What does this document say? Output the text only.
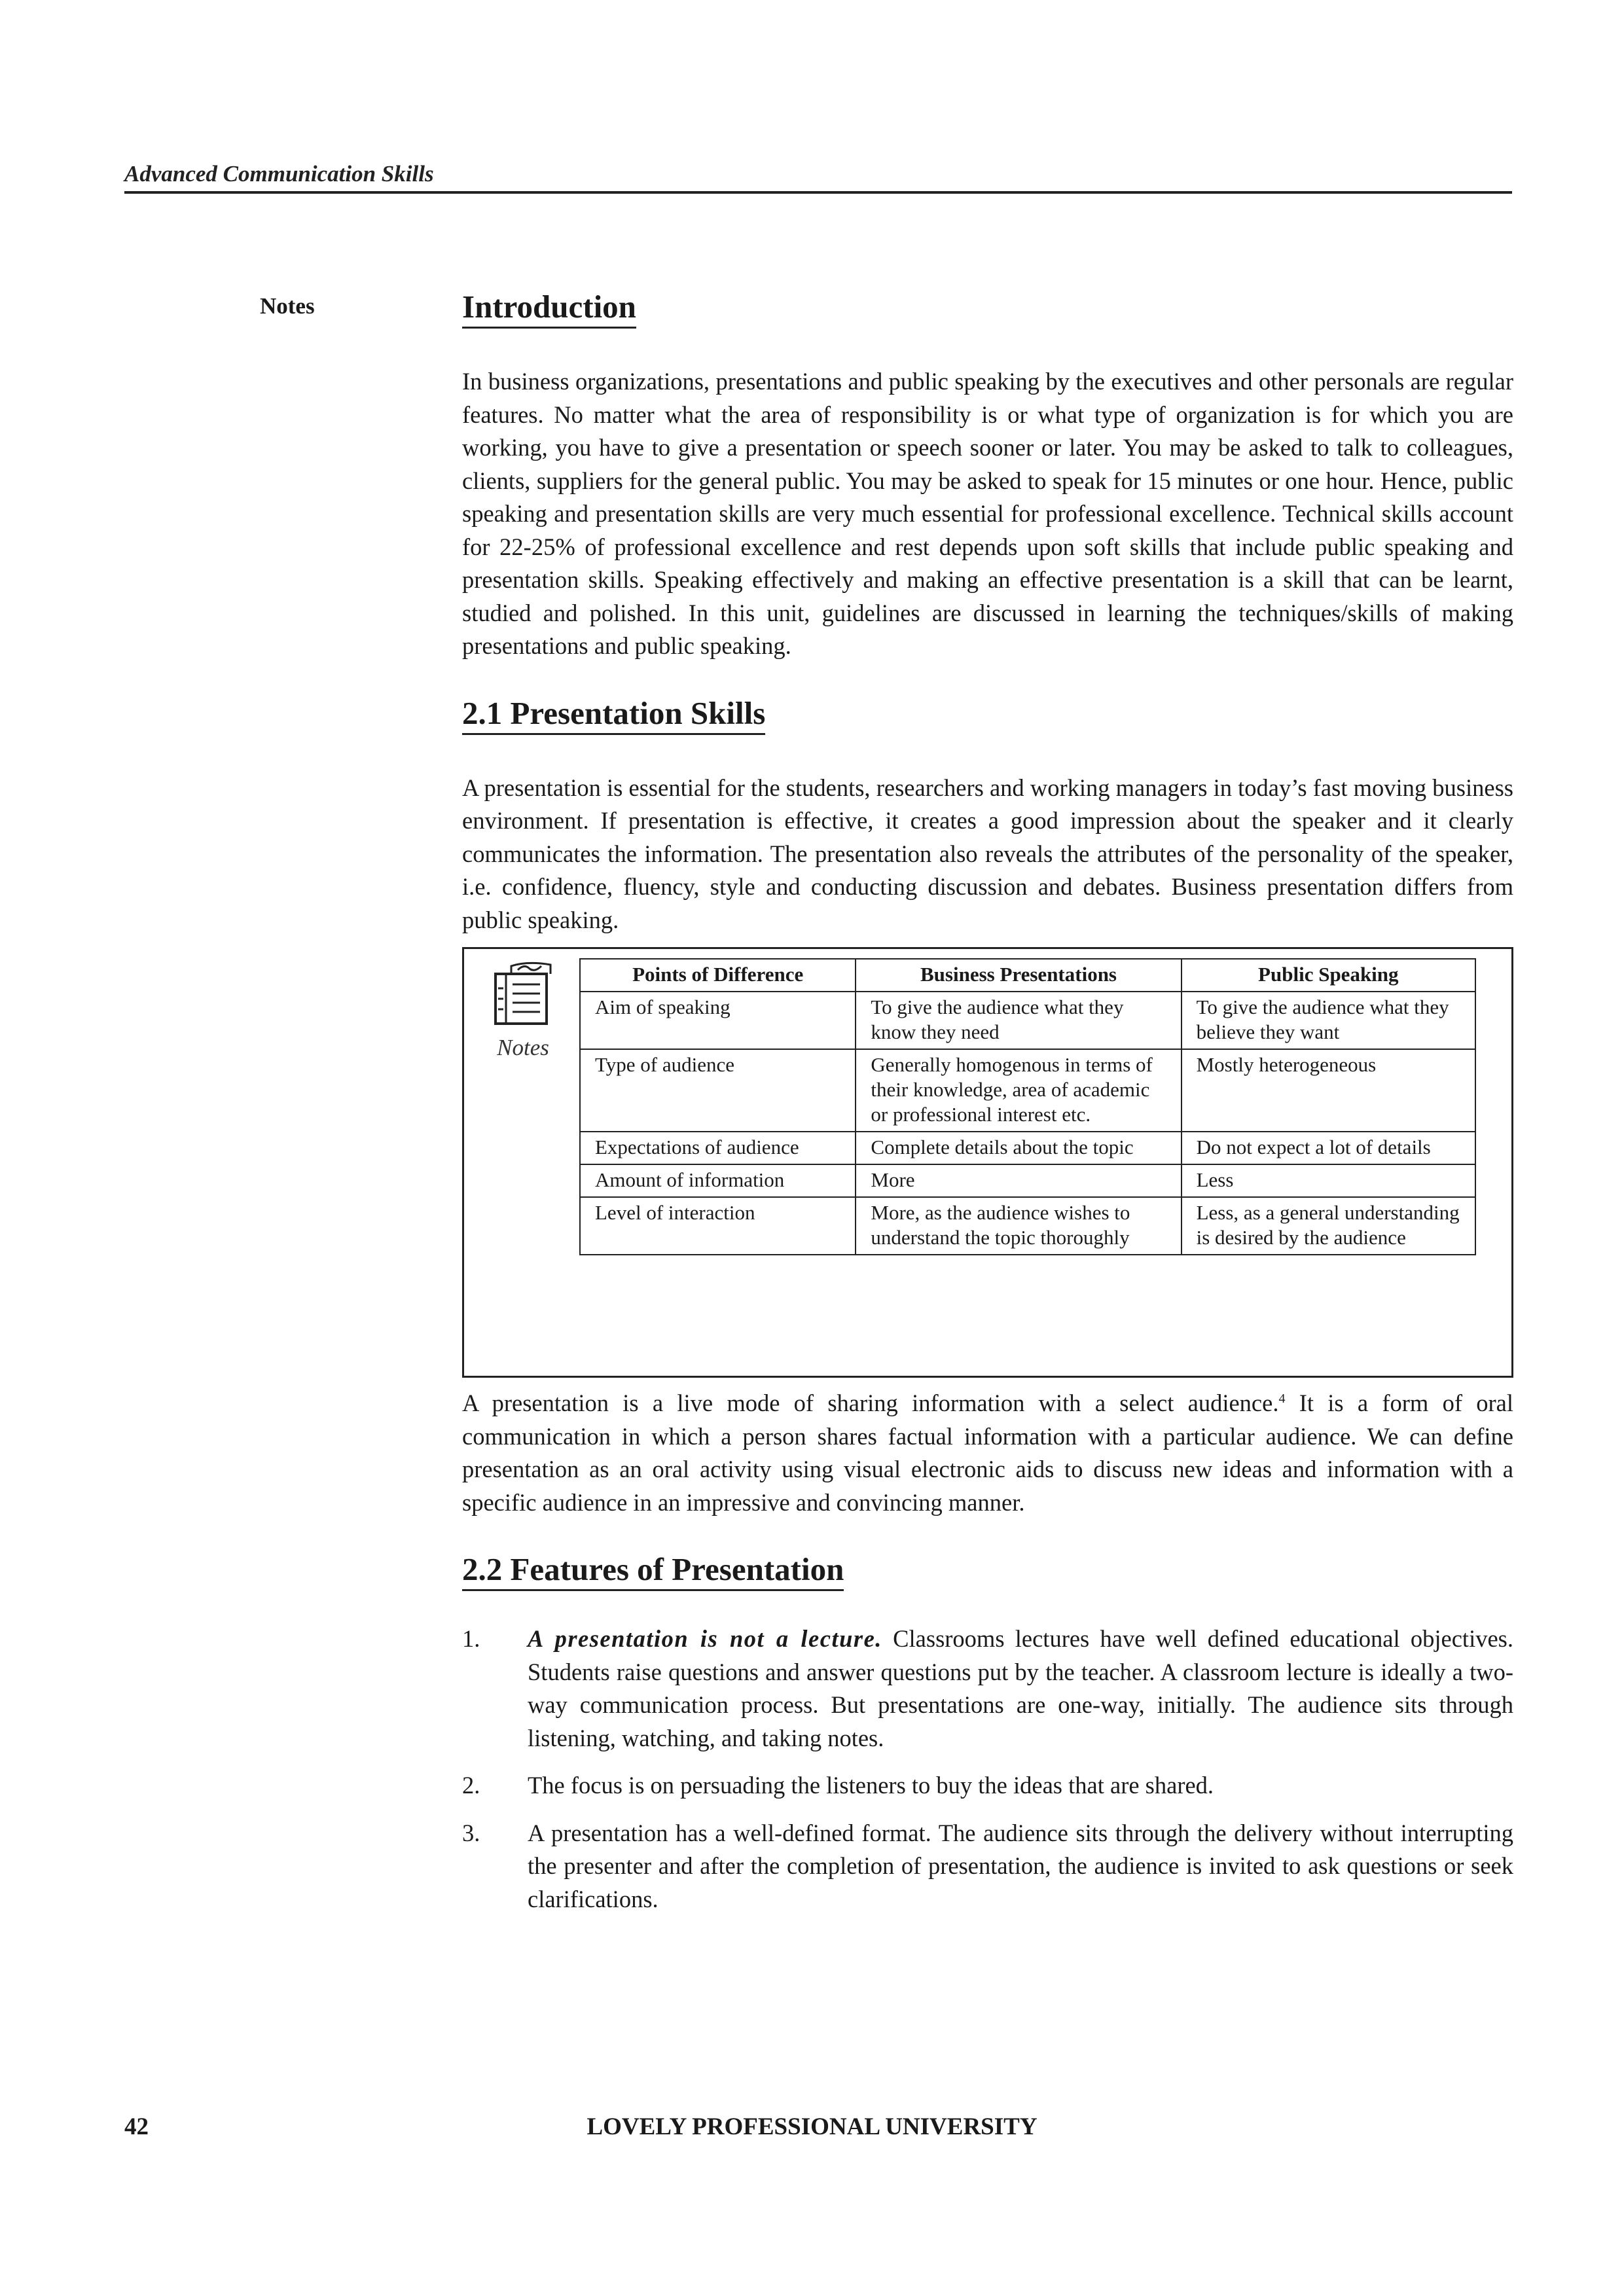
Advanced Communication Skills
Notes	Introduction

In business organizations, presentations and public speaking by the executives and other personals are regular features. No matter what the area of responsibility is or what type of organization is for which you are working, you have to give a presentation or speech sooner or later. You may be asked to talk to colleagues, clients, suppliers for the general public. You may be asked to speak for 15 minutes or one hour. Hence, public speaking and presentation skills are very much essential for professional excellence. Technical skills account for 22-25% of professional excellence and rest depends upon soft skills that include public speaking and presentation skills. Speaking effectively and making an effective presentation is a skill that can be learnt, studied and polished. In this unit, guidelines are discussed in learning the techniques/skills of making presentations and public speaking.

2.1 Presentation Skills

A presentation is essential for the students, researchers and working managers in today’s fast moving business environment. If presentation is effective, it creates a good impression about the speaker and it clearly communicates the information. The presentation also reveals the attributes of the personality of the speaker, i.e. confidence, fluency, style and conducting discussion and debates. Business presentation differs from public speaking.

Notes
Points of Difference	Business Presentations	Public Speaking
Aim of speaking	To give the audience what they know they need	To give the audience what they believe they want
Type of audience	Generally homogenous in terms of their knowledge, area of academic or professional interest etc.	Mostly heterogeneous
Expectations of audience	Complete details about the topic	Do not expect a lot of details
Amount of information	More	Less
Level of interaction	More, as the audience wishes to understand the topic thoroughly	Less, as a general understanding is desired by the audience

A presentation is a live mode of sharing information with a select audience.$^4$ It is a form of oral communication in which a person shares factual information with a particular audience. We can define presentation as an oral activity using visual electronic aids to discuss new ideas and information with a specific audience in an impressive and convincing manner.

2.2 Features of Presentation
1.	A presentation is not a lecture. Classrooms lectures have well defined educational objectives. Students raise questions and answer questions put by the teacher. A classroom lecture is ideally a two-way communication process. But presentations are one-way, initially. The audience sits through listening, watching, and taking notes.
2.	The focus is on persuading the listeners to buy the ideas that are shared.
3.	A presentation has a well-defined format. The audience sits through the delivery without interrupting the presenter and after the completion of presentation, the audience is invited to ask questions or seek clarifications.
42	LOVELY PROFESSIONAL UNIVERSITY
